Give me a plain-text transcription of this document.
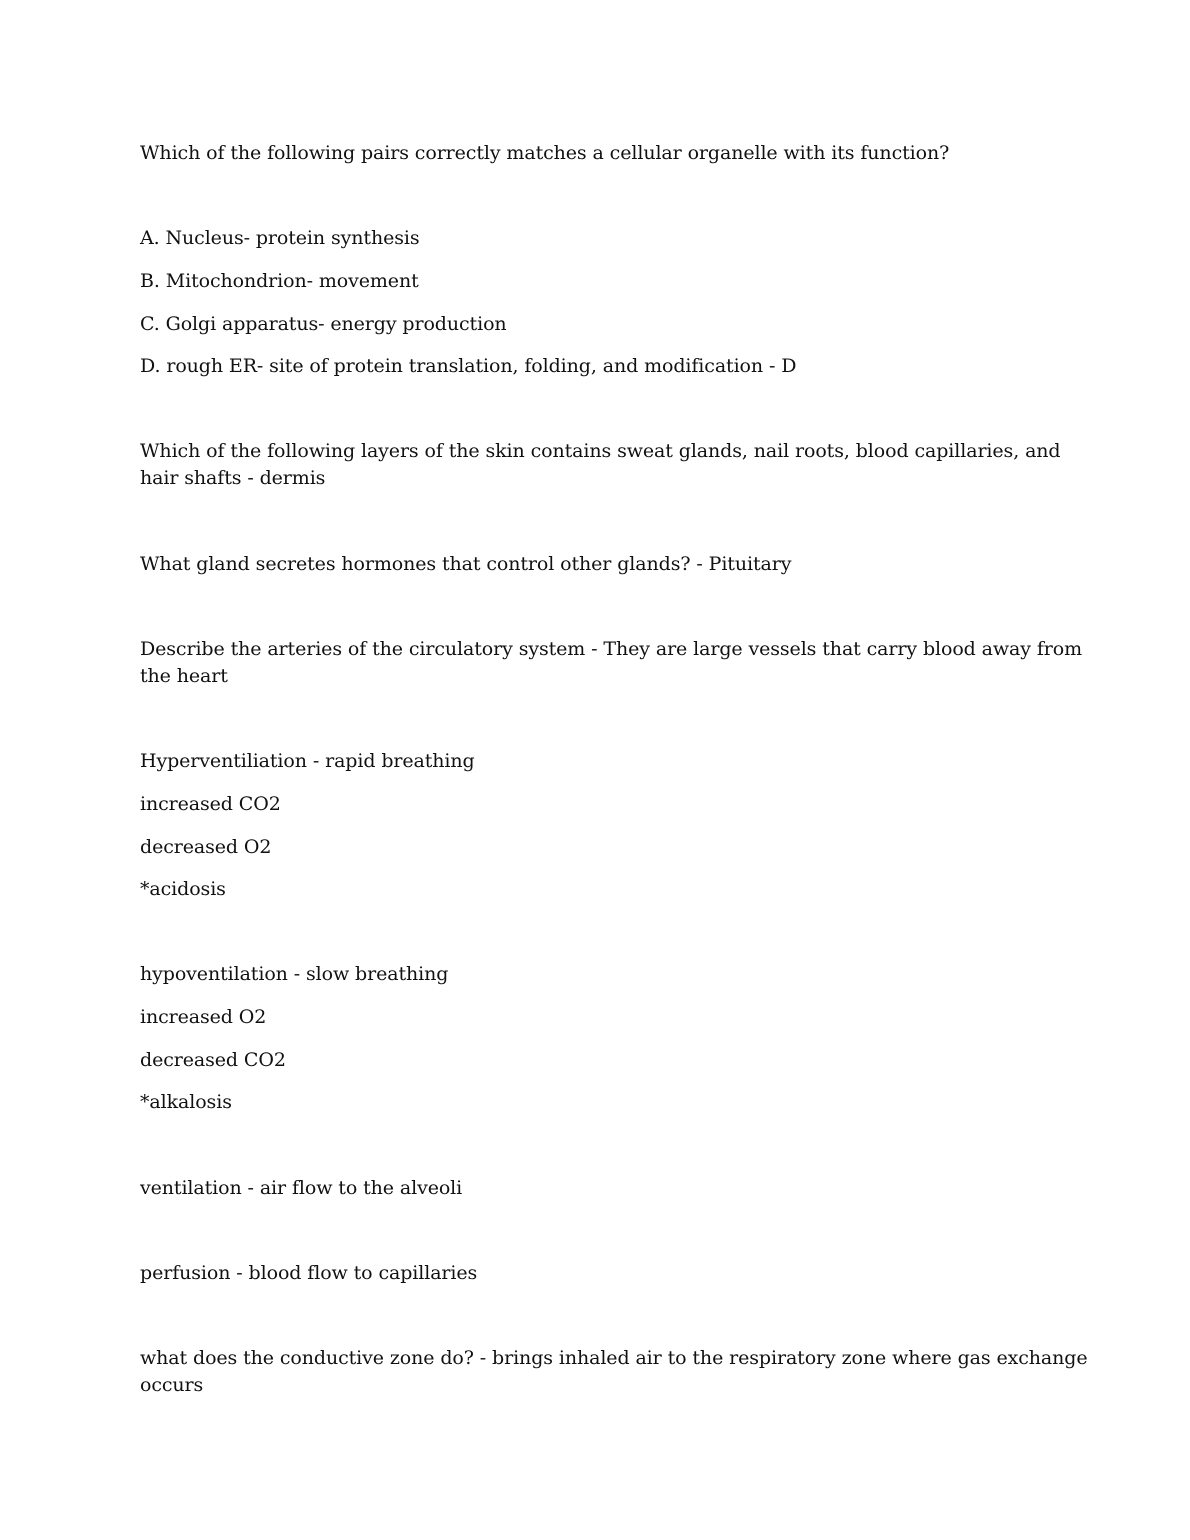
Which of the following pairs correctly matches a cellular organelle with its function?
A. Nucleus- protein synthesis
B. Mitochondrion- movement
C. Golgi apparatus- energy production
D. rough ER- site of protein translation, folding, and modification - D
Which of the following layers of the skin contains sweat glands, nail roots, blood capillaries, and
hair shafts - dermis
What gland secretes hormones that control other glands? - Pituitary
Describe the arteries of the circulatory system - They are large vessels that carry blood away from
the heart
Hyperventiliation - rapid breathing
increased CO2
decreased O2
*acidosis
hypoventilation - slow breathing
increased O2
decreased CO2
*alkalosis
ventilation - air flow to the alveoli
perfusion - blood flow to capillaries
what does the conductive zone do? - brings inhaled air to the respiratory zone where gas exchange
occurs
